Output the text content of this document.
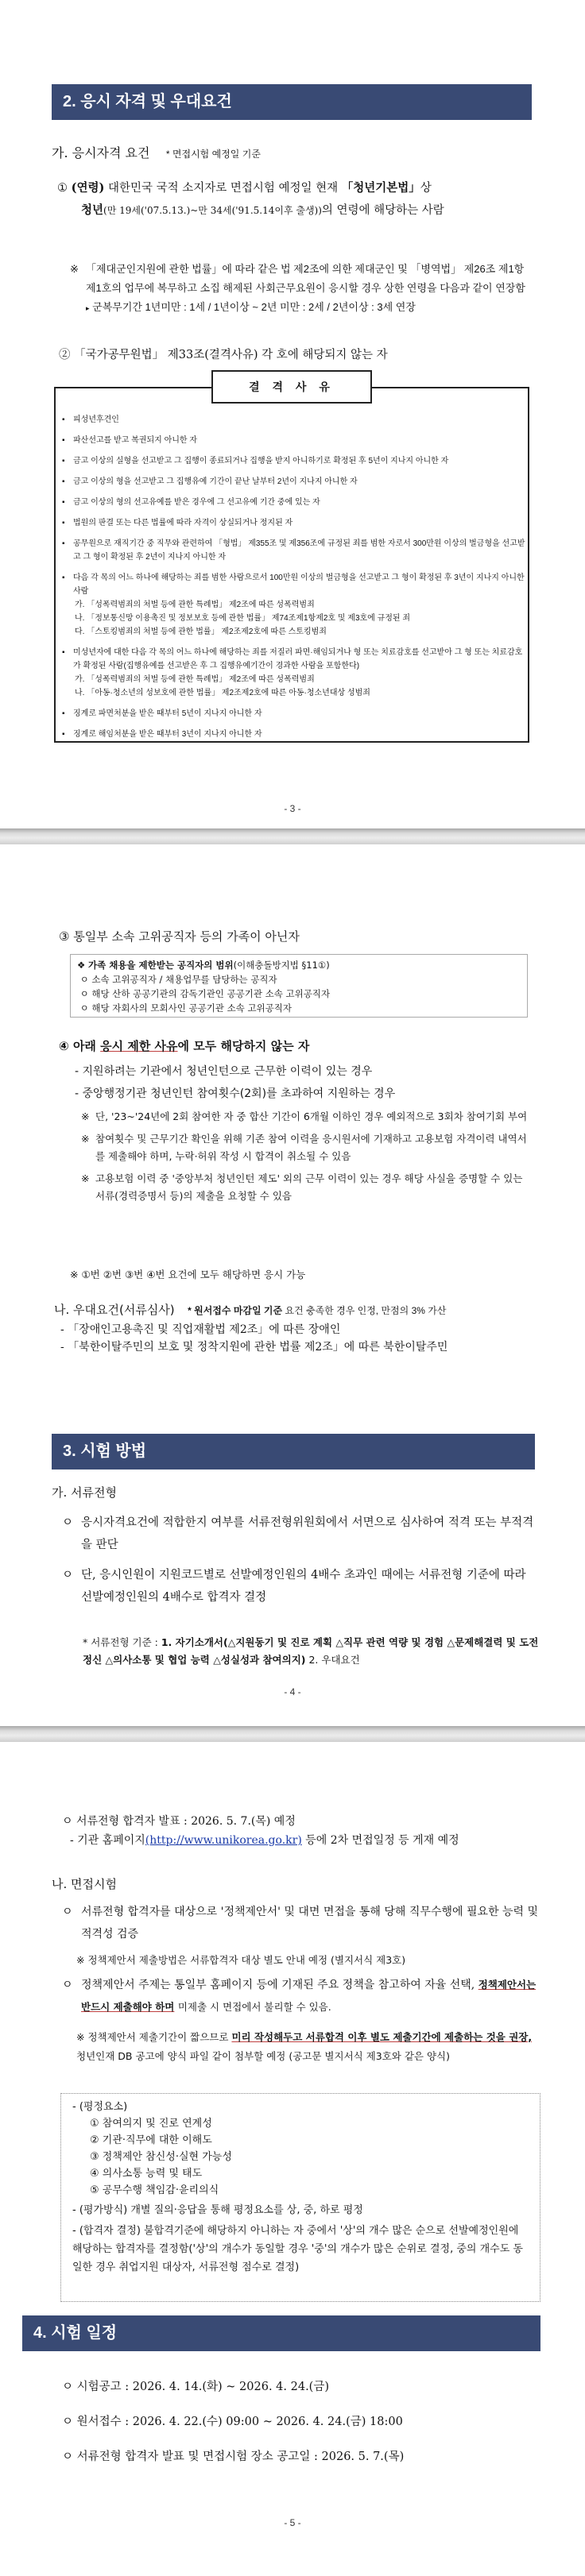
2. 응시 자격 및 우대요건
가. 응시자격 요건 * 면접시험 예정일 기준
① (연령) 대한민국 국적 소지자로 면접시험 예정일 현재 「청년기본법」상
청년(만 19세('07.5.13.)~만 34세('91.5.14이후 출생))의 연령에 해당하는 사람
※ 「제대군인지원에 관한 법률」에 따라 같은 법 제2조에 의한 제대군인 및 「병역법」 제26조 제1항 제1호의 업무에 복무하고 소집 해제된 사회근무요원이 응시할 경우 상한 연령을 다음과 같이 연장함
▸ 군복무기간 1년미만 : 1세 / 1년이상 ~ 2년 미만 : 2세 / 2년이상 : 3세 연장
② 「국가공무원법」 제33조(결격사유) 각 호에 해당되지 않는 자
결 격 사 유
▪	피성년후견인
▪	파산선고를 받고 복권되지 아니한 자
▪	금고 이상의 실형을 선고받고 그 집행이 종료되거나 집행을 받지 아니하기로 확정된 후 5년이 지나지 아니한 자
▪	금고 이상의 형을 선고받고 그 집행유예 기간이 끝난 날부터 2년이 지나지 아니한 자
▪	금고 이상의 형의 선고유예를 받은 경우에 그 선고유예 기간 중에 있는 자
▪	법원의 판결 또는 다른 법률에 따라 자격이 상실되거나 정지된 자
▪	공무원으로 재직기간 중 직무와 관련하여 「형법」 제355조 및 제356조에 규정된 죄를 범한 자로서 300만원 이상의 벌금형을 선고받고 그 형이 확정된 후 2년이 지나지 아니한 자
▪	다음 각 목의 어느 하나에 해당하는 죄를 범한 사람으로서 100만원 이상의 벌금형을 선고받고 그 형이 확정된 후 3년이 지나지 아니한 사람
가. 「성폭력범죄의 처벌 등에 관한 특례법」 제2조에 따른 성폭력범죄
나. 「정보통신망 이용촉진 및 정보보호 등에 관한 법률」 제74조제1항제2호 및 제3호에 규정된 죄
다. 「스토킹범죄의 처벌 등에 관한 법률」 제2조제2호에 따른 스토킹범죄
▪	미성년자에 대한 다음 각 목의 어느 하나에 해당하는 죄를 저질러 파면·해임되거나 형 또는 치료감호를 선고받아 그 형 또는 치료감호가 확정된 사람(집행유예를 선고받은 후 그 집행유예기간이 경과한 사람을 포함한다)
가. 「성폭력범죄의 처벌 등에 관한 특례법」 제2조에 따른 성폭력범죄
나. 「아동·청소년의 성보호에 관한 법률」 제2조제2호에 따른 아동·청소년대상 성범죄
▪	징계로 파면처분을 받은 때부터 5년이 지나지 아니한 자
▪	징계로 해임처분을 받은 때부터 3년이 지나지 아니한 자
- 3 -
③ 통일부 소속 고위공직자 등의 가족이 아닌자
❖ 가족 채용을 제한받는 공직자의 범위(이해충돌방지법 §11①)
ㅇ 소속 고위공직자 / 채용업무를 담당하는 공직자
ㅇ 해당 산하 공공기관의 감독기관인 공공기관 소속 고위공직자
ㅇ 해당 자회사의 모회사인 공공기관 소속 고위공직자
④ 아래 응시 제한 사유에 모두 해당하지 않는 자
- 지원하려는 기관에서 청년인턴으로 근무한 이력이 있는 경우
- 중앙행정기관 청년인턴 참여횟수(2회)를 초과하여 지원하는 경우
※ 단, '23~'24년에 2회 참여한 자 중 합산 기간이 6개월 이하인 경우 예외적으로 3회차 참여기회 부여
※ 참여횟수 및 근무기간 확인을 위해 기존 참여 이력을 응시원서에 기재하고 고용보험 자격이력 내역서를 제출해야 하며, 누락·허위 작성 시 합격이 취소될 수 있음
※ 고용보험 이력 중 '중앙부처 청년인턴 제도' 외의 근무 이력이 있는 경우 해당 사실을 증명할 수 있는 서류(경력증명서 등)의 제출을 요청할 수 있음
※ ①번 ②번 ③번 ④번 요건에 모두 해당하면 응시 가능
나. 우대요건(서류심사) * 원서접수 마감일 기준 요건 충족한 경우 인정, 만점의 3% 가산
- 「장애인고용촉진 및 직업재활법 제2조」에 따른 장애인
- 「북한이탈주민의 보호 및 정착지원에 관한 법률 제2조」에 따른 북한이탈주민
3. 시험 방법
가. 서류전형
ㅇ 응시자격요건에 적합한지 여부를 서류전형위원회에서 서면으로 심사하여 적격 또는 부적격을 판단
ㅇ 단, 응시인원이 지원코드별로 선발예정인원의 4배수 초과인 때에는 서류전형 기준에 따라 선발예정인원의 4배수로 합격자 결정
* 서류전형 기준 : 1. 자기소개서(△지원동기 및 진로 계획 △직무 관련 역량 및 경험 △문제해결력 및 도전정신 △의사소통 및 협업 능력 △성실성과 참여의지) 2. 우대요건
- 4 -
ㅇ 서류전형 합격자 발표 : 2026. 5. 7.(목) 예정
- 기관 홈페이지(http://www.unikorea.go.kr) 등에 2차 면접일정 등 게재 예정
나. 면접시험
ㅇ 서류전형 합격자를 대상으로 '정책제안서' 및 대면 면접을 통해 당해 직무수행에 필요한 능력 및 적격성 검증
※ 정책제안서 제출방법은 서류합격자 대상 별도 안내 예정 (별지서식 제3호)
ㅇ 정책제안서 주제는 통일부 홈페이지 등에 기재된 주요 정책을 참고하여 자율 선택, 정책제안서는 반드시 제출해야 하며 미제출 시 면접에서 불리할 수 있음.
※ 정책제안서 제출기간이 짧으므로 미리 작성해두고 서류합격 이후 별도 제출기간에 제출하는 것을 권장, 청년인재 DB 공고에 양식 파일 같이 첨부할 예정 (공고문 별지서식 제3호와 같은 양식)
- (평정요소)
① 참여의지 및 진로 연계성
② 기관·직무에 대한 이해도
③ 정책제안 참신성·실현 가능성
④ 의사소통 능력 및 태도
⑤ 공무수행 책임감·윤리의식
- (평가방식) 개별 질의·응답을 통해 평정요소를 상, 중, 하로 평정
- (합격자 결정) 불합격기준에 해당하지 아니하는 자 중에서 '상'의 개수 많은 순으로 선발예정인원에 해당하는 합격자를 결정함('상'의 개수가 동일할 경우 '중'의 개수가 많은 순위로 결정, 중의 개수도 동일한 경우 취업지원 대상자, 서류전형 점수로 결정)
4. 시험 일정
ㅇ 시험공고 : 2026. 4. 14.(화) ~ 2026. 4. 24.(금)
ㅇ 원서접수 : 2026. 4. 22.(수) 09:00 ~ 2026. 4. 24.(금) 18:00
ㅇ 서류전형 합격자 발표 및 면접시험 장소 공고일 : 2026. 5. 7.(목)
- 5 -
